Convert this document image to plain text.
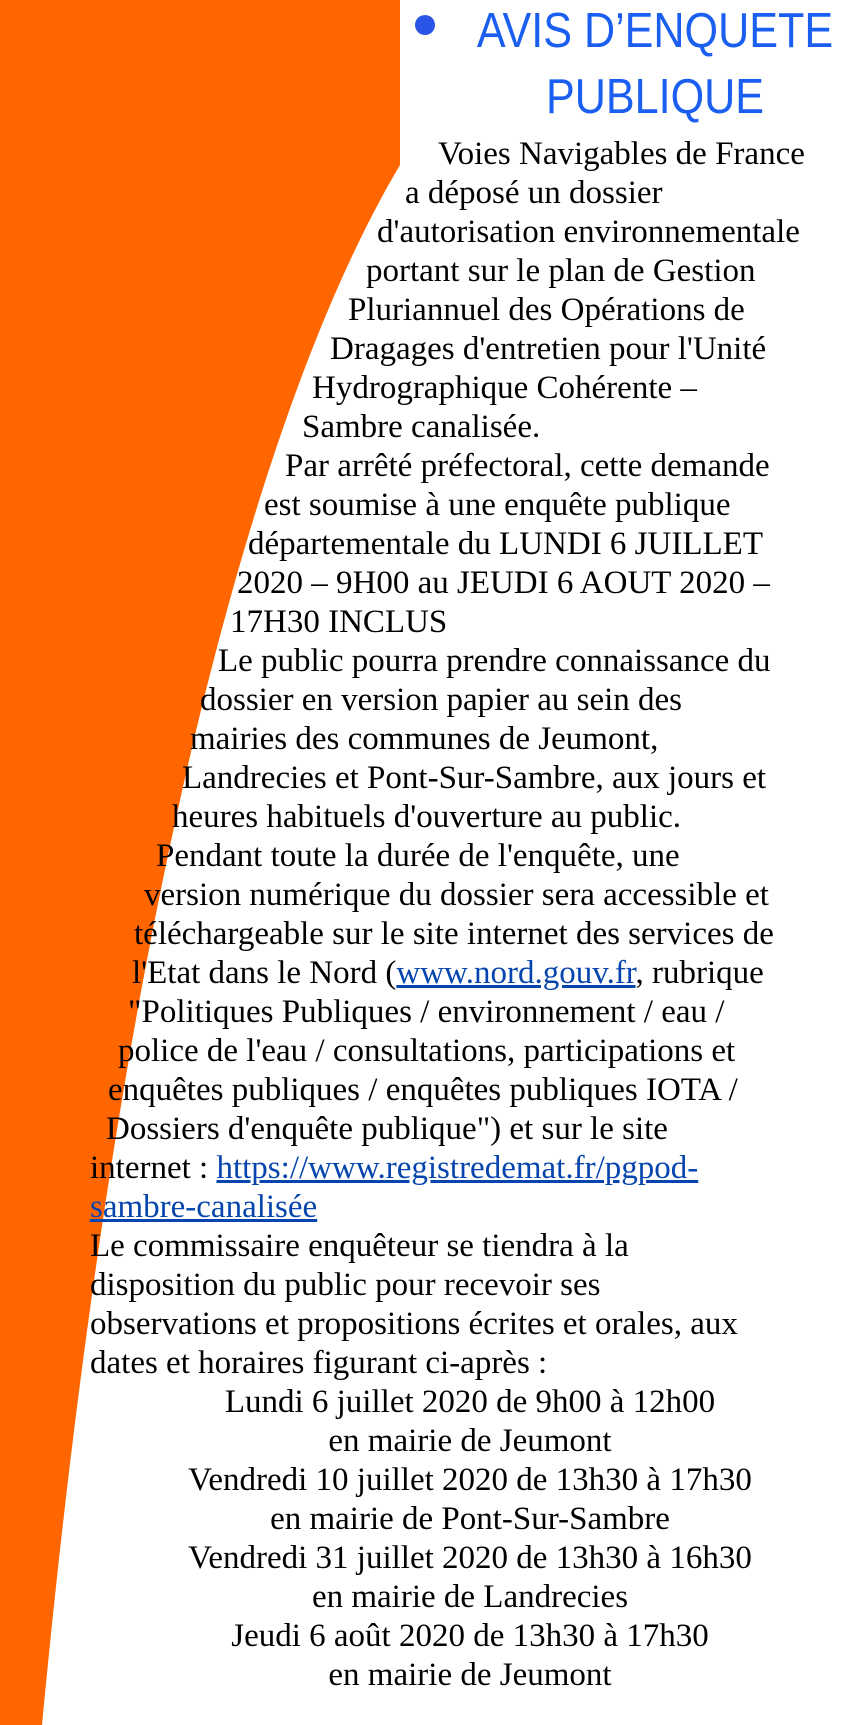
AVIS D’ENQUETE
PUBLIQUE
Voies Navigables de France
a déposé un dossier
d'autorisation environnementale
portant sur le plan de Gestion
Pluriannuel des Opérations de
Dragages d'entretien pour l'Unité
Hydrographique Cohérente –
Sambre canalisée.
Par arrêté préfectoral, cette demande
est soumise à une enquête publique
départementale du LUNDI 6 JUILLET
2020 – 9H00 au JEUDI 6 AOUT 2020 –
17H30 INCLUS
Le public pourra prendre connaissance du
dossier en version papier au sein des
mairies des communes de Jeumont,
Landrecies et Pont-Sur-Sambre, aux jours et
heures habituels d'ouverture au public.
Pendant toute la durée de l'enquête, une
version numérique du dossier sera accessible et
téléchargeable sur le site internet des services de
l'Etat dans le Nord (www.nord.gouv.fr, rubrique
"Politiques Publiques / environnement / eau /
police de l'eau / consultations, participations et
enquêtes publiques / enquêtes publiques IOTA /
Dossiers d'enquête publique") et sur le site
internet : https://www.registredemat.fr/pgpod-
sambre-canalisée
Le commissaire enquêteur se tiendra à la
disposition du public pour recevoir ses
observations et propositions écrites et orales, aux
dates et horaires figurant ci-après :
Lundi 6 juillet 2020 de 9h00 à 12h00
en mairie de Jeumont
Vendredi 10 juillet 2020 de 13h30 à 17h30
en mairie de Pont-Sur-Sambre
Vendredi 31 juillet 2020 de 13h30 à 16h30
en mairie de Landrecies
Jeudi 6 août 2020 de 13h30 à 17h30
en mairie de Jeumont
